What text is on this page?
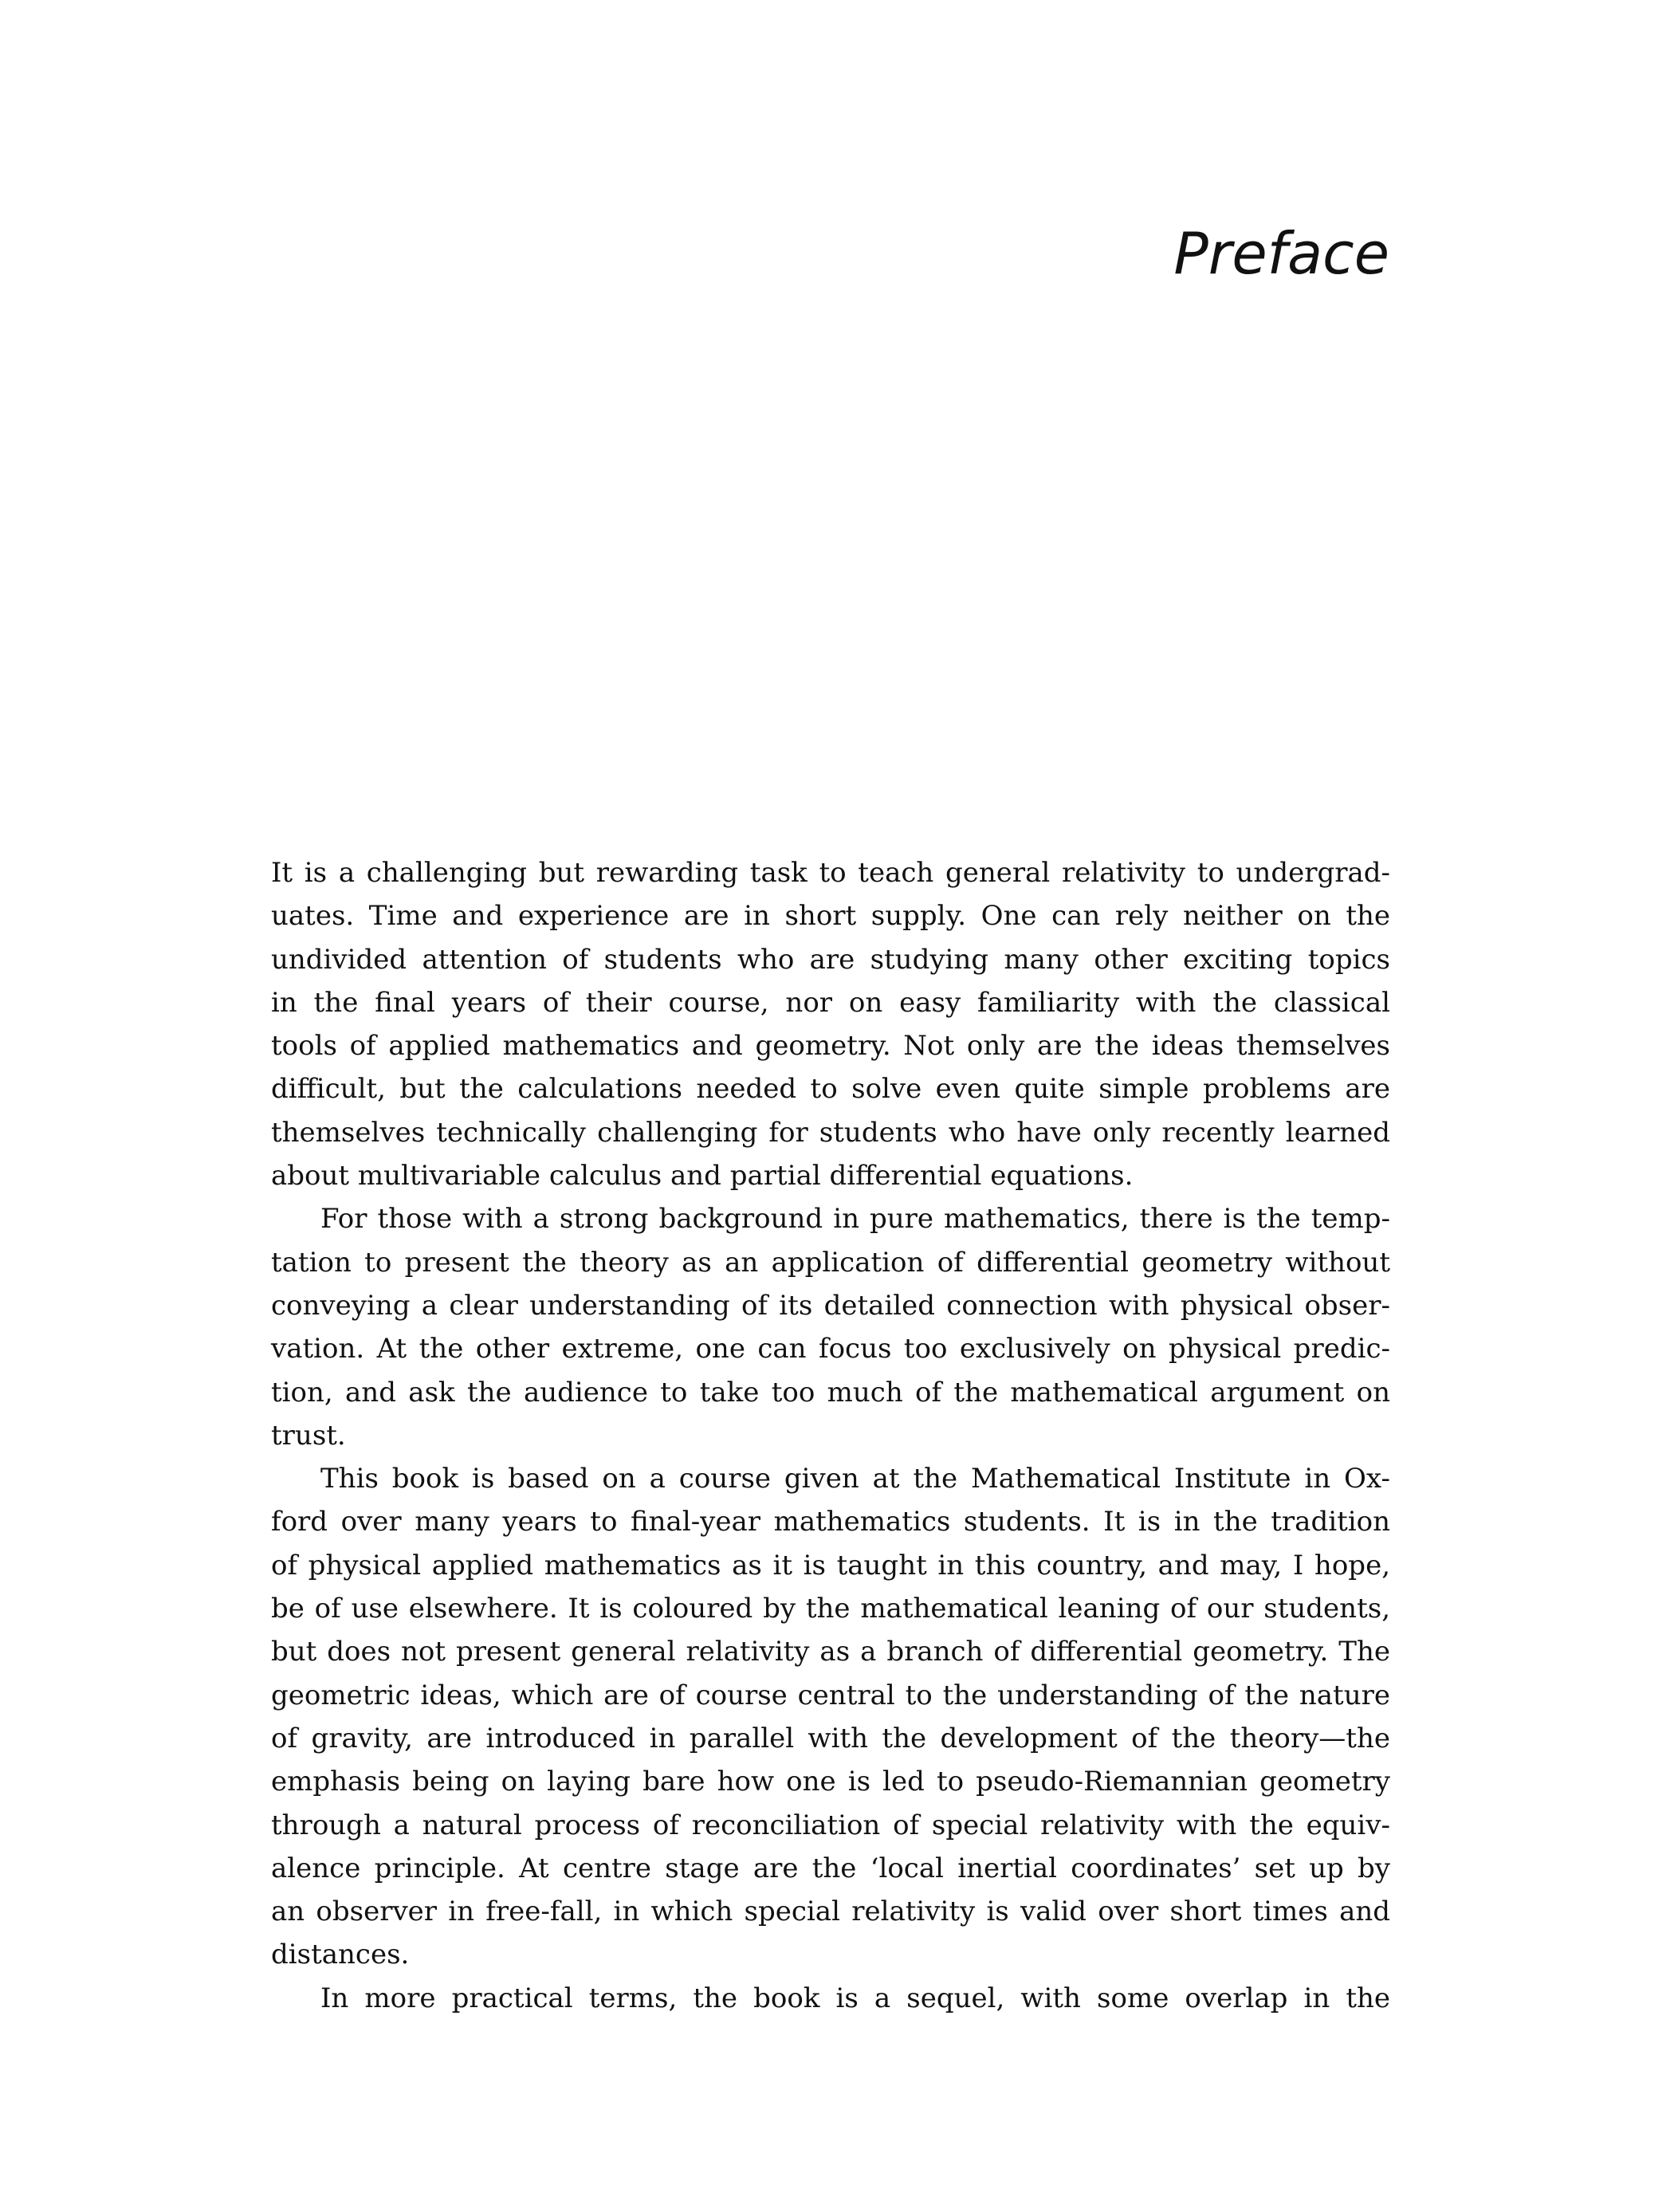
Preface

It is a challenging but rewarding task to teach general relativity to undergrad-
uates. Time and experience are in short supply. One can rely neither on the
undivided attention of students who are studying many other exciting topics
in the final years of their course, nor on easy familiarity with the classical
tools of applied mathematics and geometry. Not only are the ideas themselves
difficult, but the calculations needed to solve even quite simple problems are
themselves technically challenging for students who have only recently learned
about multivariable calculus and partial differential equations.

For those with a strong background in pure mathematics, there is the temp-
tation to present the theory as an application of differential geometry without
conveying a clear understanding of its detailed connection with physical obser-
vation. At the other extreme, one can focus too exclusively on physical predic-
tion, and ask the audience to take too much of the mathematical argument on
trust.

This book is based on a course given at the Mathematical Institute in Ox-
ford over many years to final-year mathematics students. It is in the tradition
of physical applied mathematics as it is taught in this country, and may, I hope,
be of use elsewhere. It is coloured by the mathematical leaning of our students,
but does not present general relativity as a branch of differential geometry. The
geometric ideas, which are of course central to the understanding of the nature
of gravity, are introduced in parallel with the development of the theory—the
emphasis being on laying bare how one is led to pseudo-Riemannian geometry
through a natural process of reconciliation of special relativity with the equiv-
alence principle. At centre stage are the ‘local inertial coordinates’ set up by
an observer in free-fall, in which special relativity is valid over short times and
distances.

In more practical terms, the book is a sequel, with some overlap in the
